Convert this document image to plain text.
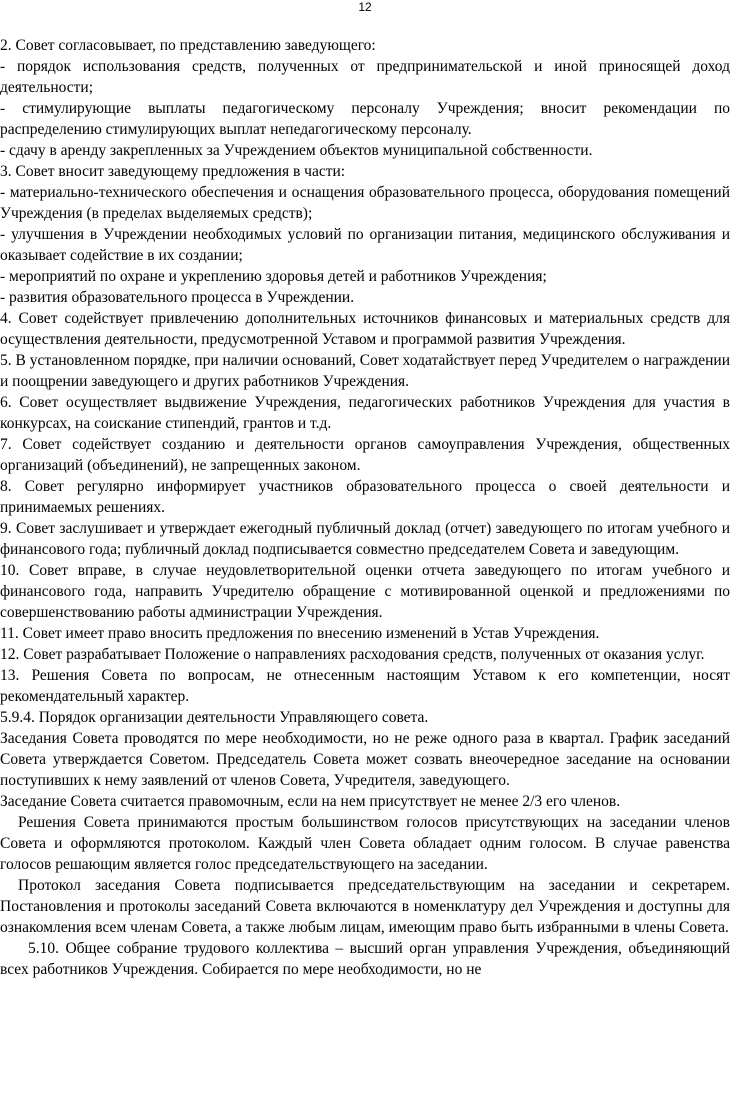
12

2. Совет согласовывает, по представлению заведующего:

- порядок использования средств, полученных от предпринимательской и иной приносящей доход деятельности;

- стимулирующие выплаты педагогическому персоналу Учреждения; вносит рекомендации по распределению стимулирующих выплат непедагогическому персоналу.

- сдачу в аренду закрепленных за Учреждением объектов муниципальной собственности.

3. Совет вносит заведующему предложения в части:

- материально-технического обеспечения и оснащения образовательного процесса, оборудования помещений Учреждения (в пределах выделяемых средств);

- улучшения в Учреждении необходимых условий по организации питания, медицинского обслуживания и оказывает содействие в их создании;

- мероприятий по охране и укреплению здоровья детей и работников Учреждения;

- развития образовательного процесса в Учреждении.

4. Совет содействует привлечению дополнительных источников финансовых и материальных средств для осуществления деятельности, предусмотренной Уставом и программой развития Учреждения.

5. В установленном порядке, при наличии оснований, Совет ходатайствует перед Учредителем о награждении и поощрении заведующего и других работников Учреждения.

6. Совет осуществляет выдвижение Учреждения, педагогических работников Учреждения для участия в конкурсах, на соискание стипендий, грантов и т.д.

7. Совет содействует созданию и деятельности органов самоуправления Учреждения, общественных организаций (объединений), не запрещенных законом.

8. Совет регулярно информирует участников образовательного процесса о своей деятельности и принимаемых решениях.

9. Совет заслушивает и утверждает ежегодный публичный доклад (отчет) заведующего по итогам учебного и финансового года; публичный доклад подписывается совместно председателем Совета и заведующим.

10. Совет вправе, в случае неудовлетворительной оценки отчета заведующего по итогам учебного и финансового года, направить Учредителю обращение с мотивированной оценкой и предложениями по совершенствованию работы администрации Учреждения.

11. Совет имеет право вносить предложения по внесению изменений в Устав Учреждения.

12. Совет разрабатывает Положение о направлениях расходования средств, полученных от оказания услуг.

13. Решения Совета по вопросам, не отнесенным настоящим Уставом к его компетенции, носят рекомендательный характер.

5.9.4. Порядок организации деятельности Управляющего совета.

Заседания Совета проводятся по мере необходимости, но не реже одного раза в квартал. График заседаний Совета утверждается Советом. Председатель Совета может созвать внеочередное заседание на основании поступивших к нему заявлений от членов Совета, Учредителя, заведующего.

Заседание Совета считается правомочным, если на нем присутствует не менее 2/3 его членов.

Решения Совета принимаются простым большинством голосов присутствующих на заседании членов Совета и оформляются протоколом. Каждый член Совета обладает одним голосом. В случае равенства голосов решающим является голос председательствующего на заседании.

Протокол заседания Совета подписывается председательствующим на заседании и секретарем. Постановления и протоколы заседаний Совета включаются в номенклатуру дел Учреждения и доступны для ознакомления всем членам Совета, а также любым лицам, имеющим право быть избранными в члены Совета.

5.10. Общее собрание трудового коллектива – высший орган управления Учреждения, объединяющий всех работников Учреждения. Собирается по мере необходимости, но не
